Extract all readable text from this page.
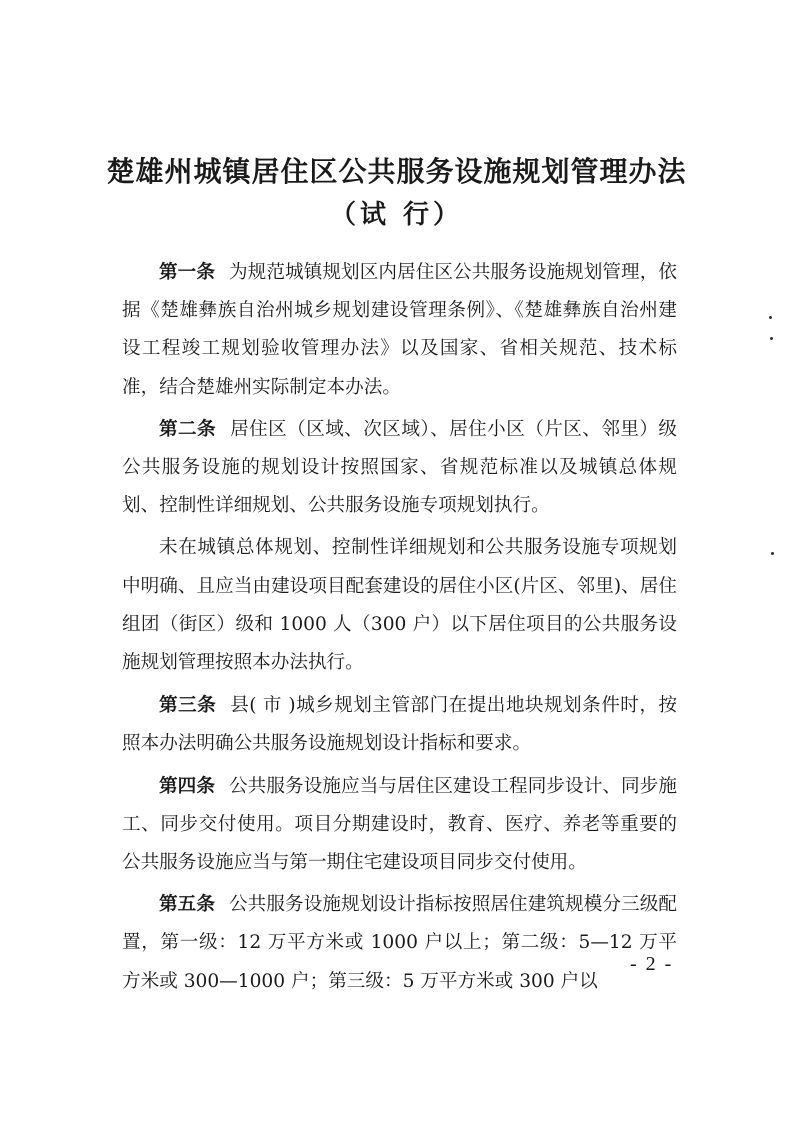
楚雄州城镇居住区公共服务设施规划管理办法
（试 行）

第一条 为规范城镇规划区内居住区公共服务设施规划管理，依据《楚雄彝族自治州城乡规划建设管理条例》、《楚雄彝族自治州建设工程竣工规划验收管理办法》以及国家、省相关规范、技术标准，结合楚雄州实际制定本办法。

第二条 居住区（区域、次区域）、居住小区（片区、邻里）级公共服务设施的规划设计按照国家、省规范标准以及城镇总体规划、控制性详细规划、公共服务设施专项规划执行。

未在城镇总体规划、控制性详细规划和公共服务设施专项规划中明确、且应当由建设项目配套建设的居住小区(片区、邻里)、居住组团（街区）级和 1000 人（300 户）以下居住项目的公共服务设施规划管理按照本办法执行。

第三条 县( 市 )城乡规划主管部门在提出地块规划条件时，按照本办法明确公共服务设施规划设计指标和要求。

第四条 公共服务设施应当与居住区建设工程同步设计、同步施工、同步交付使用。项目分期建设时，教育、医疗、养老等重要的公共服务设施应当与第一期住宅建设项目同步交付使用。

第五条 公共服务设施规划设计指标按照居住建筑规模分三级配置，第一级：12 万平方米或 1000 户以上；第二级：5—12 万平方米或 300—1000 户；第三级：5 万平方米或 300 户以

- 2 -
